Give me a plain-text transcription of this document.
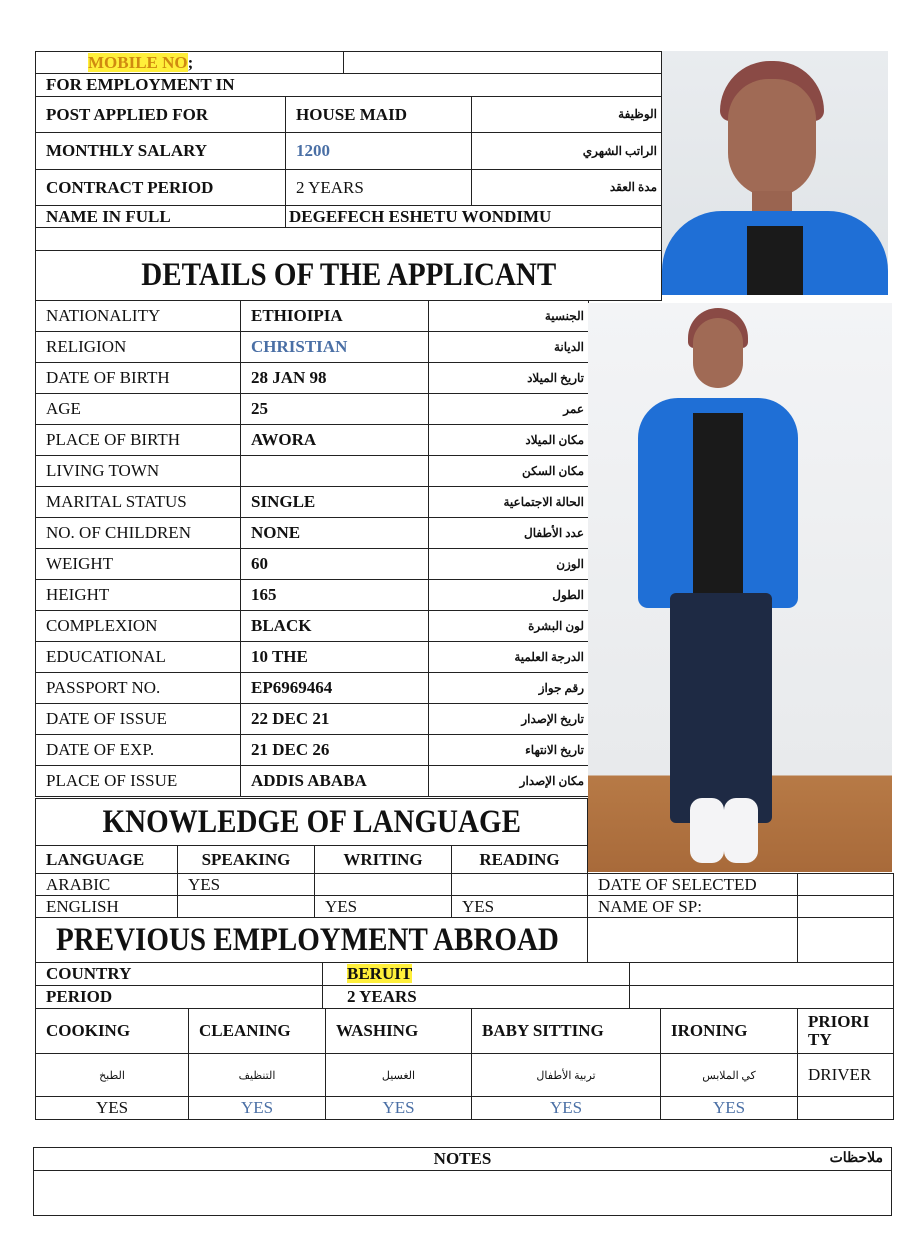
MOBILE NO;			
FOR EMPLOYMENT IN			
POST APPLIED FOR	HOUSE MAID		الوظيفة

MONTHLY SALARY	1200		الراتب الشهري

CONTRACT PERIOD	2 YEARS		مدة العقد

NAME IN FULL	DEGEFECH ESHETU WONDIMU		

DETAILS OF THE APPLICANT			
NATIONALITY	ETHIOIPIA	الجنسية

RELIGION	CHRISTIAN	الديانة

DATE OF BIRTH	28 JAN 98	تاريخ الميلاد

AGE	25	عمر

PLACE OF BIRTH	AWORA	مكان الميلاد

LIVING TOWN		مكان السكن

MARITAL STATUS	SINGLE	الحالة الاجتماعية

NO. OF CHILDREN	NONE	عدد الأطفال

WEIGHT	60	الوزن

HEIGHT	165	الطول

COMPLEXION	BLACK	لون البشرة

EDUCATIONAL	10 THE	الدرجة العلمية

PASSPORT NO.	EP6969464	رقم جواز

DATE OF ISSUE	22 DEC 21	تاريخ الإصدار

DATE OF EXP.	21 DEC 26	تاريخ الانتهاء

PLACE OF ISSUE	ADDIS ABABA	مكان الإصدار
KNOWLEDGE OF LANGUAGE					
LANGUAGE	SPEAKING	WRITING	READING		
ARABIC	YES			DATE OF SELECTED	
ENGLISH		YES	YES	NAME OF SP:	
PREVIOUS EMPLOYMENT ABROAD					
COUNTRY	BERUIT	
PERIOD	2 YEARS	
COOKING	CLEANING	WASHING	BABY SITTING	IRONING	PRIORI TY
الطبخ	التنظيف	الغسيل	تربية الأطفال	كي الملابس	DRIVER
YES	YES	YES	YES	YES	
NOTES	ملاحظات
